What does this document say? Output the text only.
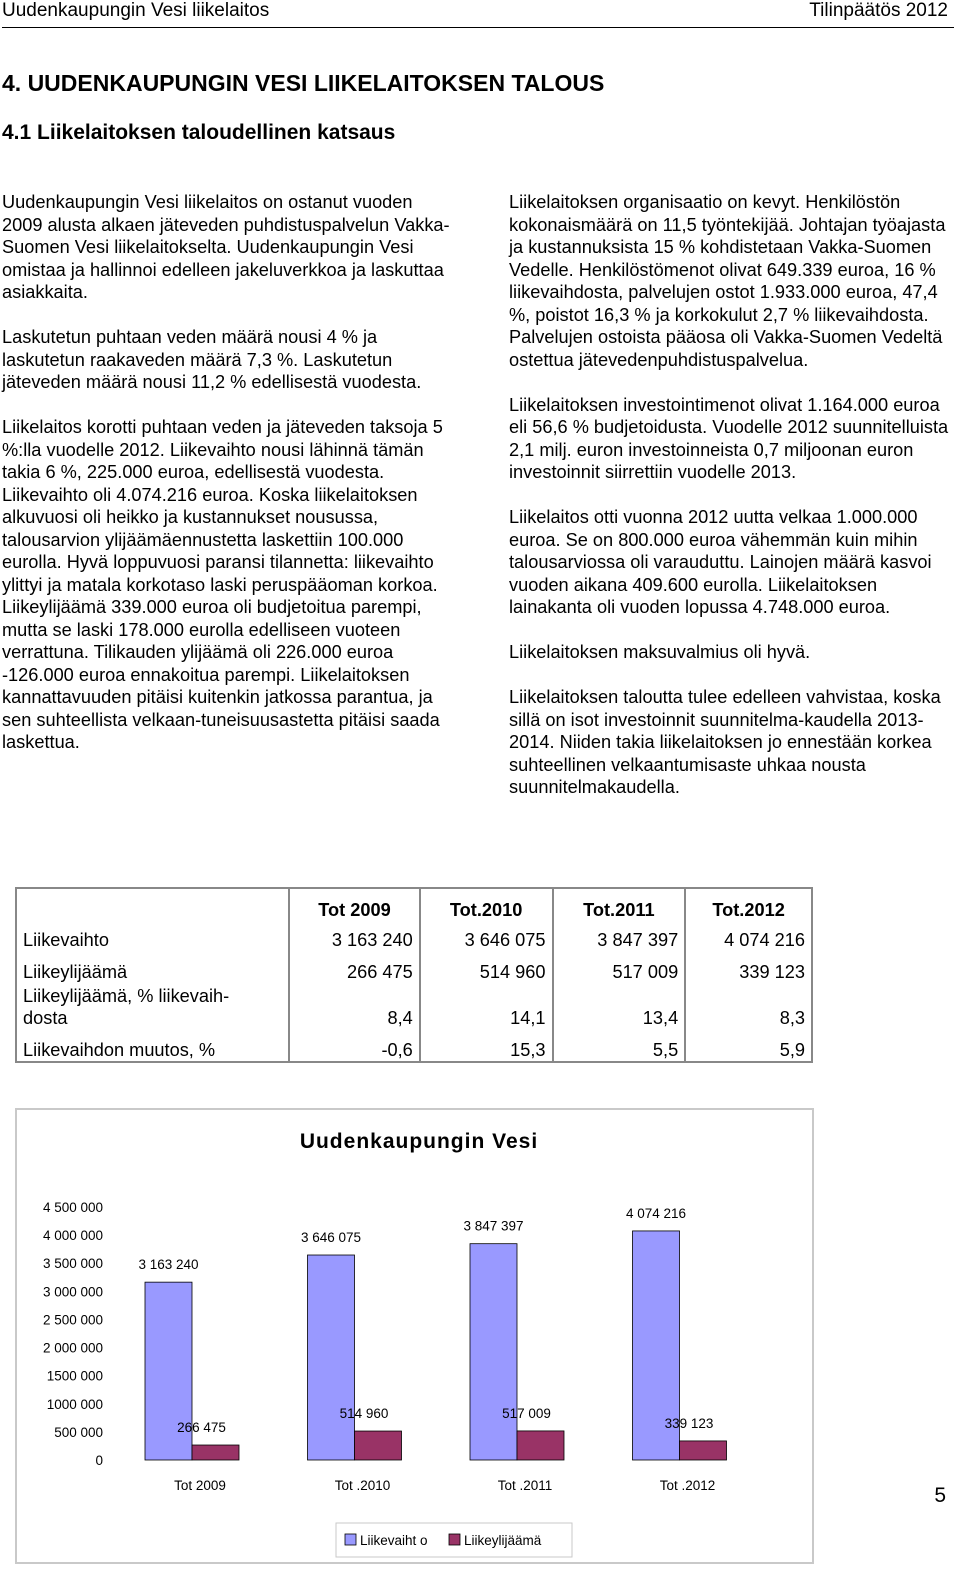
Uudenkaupungin Vesi liikelaitos	Tilinpäätös 2012
4. UUDENKAUPUNGIN VESI LIIKELAITOKSEN TALOUS
4.1 Liikelaitoksen taloudellinen katsaus

Uudenkaupungin Vesi liikelaitos on ostanut vuoden 2009 alusta alkaen jäteveden puhdistuspalvelun Vakka-Suomen Vesi liikelaitokselta. Uudenkaupungin Vesi omistaa ja hallinnoi edelleen jakeluverkkoa ja laskuttaa asiakkaita.

Laskutetun puhtaan veden määrä nousi 4 % ja laskutetun raakaveden määrä 7,3 %. Laskutetun jäteveden määrä nousi 11,2 % edellisestä vuodesta.

Liikelaitos korotti puhtaan veden ja jäteveden taksoja 5 %:lla vuodelle 2012. Liikevaihto nousi lähinnä tämän takia 6 %, 225.000 euroa, edellisestä vuodesta. Liikevaihto oli 4.074.216 euroa. Koska liikelaitoksen alkuvuosi oli heikko ja kustannukset nousussa, talousarvion ylijäämäennustetta laskettiin 100.000 eurolla. Hyvä loppuvuosi paransi tilannetta: liikevaihto ylittyi ja matala korkotaso laski peruspääoman korkoa. Liikeylijäämä 339.000 euroa oli budjetoitua parempi, mutta se laski 178.000 eurolla edelliseen vuoteen verrattuna. Tilikauden ylijäämä oli 226.000 euroa -126.000 euroa ennakoitua parempi. Liikelaitoksen kannattavuuden pitäisi kuitenkin jatkossa parantua, ja sen suhteellista velkaan-tuneisuusastetta pitäisi saada laskettua.

Liikelaitoksen organisaatio on kevyt. Henkilöstön kokonaismäärä on 11,5 työntekijää. Johtajan työajasta ja kustannuksista 15 % kohdistetaan Vakka-Suomen Vedelle. Henkilöstömenot olivat 649.339 euroa, 16 % liikevaihdosta, palvelujen ostot 1.933.000 euroa, 47,4 %, poistot 16,3 % ja korkokulut 2,7 % liikevaihdosta. Palvelujen ostoista pääosa oli Vakka-Suomen Vedeltä ostettua jätevedenpuhdistuspalvelua.

Liikelaitoksen investointimenot olivat 1.164.000 euroa eli 56,6 % budjetoidusta. Vuodelle 2012 suunnitelluista 2,1 milj. euron investoinneista 0,7 miljoonan euron investoinnit siirrettiin vuodelle 2013.

Liikelaitos otti vuonna 2012 uutta velkaa 1.000.000 euroa. Se on 800.000 euroa vähemmän kuin mihin talousarviossa oli varauduttu. Lainojen määrä kasvoi vuoden aikana 409.600 eurolla. Liikelaitoksen lainakanta oli vuoden lopussa 4.748.000 euroa.

Liikelaitoksen maksuvalmius oli hyvä.

Liikelaitoksen taloutta tulee edelleen vahvistaa, koska sillä on isot investoinnit suunnitelma-kaudella 2013-2014. Niiden takia liikelaitoksen jo ennestään korkea suhteellinen velkaantumisaste uhkaa nousta suunnitelmakaudella.

	Tot 2009	Tot.2010	Tot.2011	Tot.2012
Liikevaihto	3 163 240	3 646 075	3 847 397	4 074 216
Liikeylijäämä	266 475	514 960	517 009	339 123
Liikeylijäämä, % liikevaih-dosta	8,4	14,1	13,4	8,3
Liikevaihdon muutos, %	-0,6	15,3	5,5	5,9
Uudenkaupungin Vesi
0
500 000
1000 000
1500 000
2 000 000
2 500 000
3 000 000
3 500 000
4 000 000
4 500 000
3 163 240
266 475
Tot 2009
3 646 075
514 960
Tot .2010
3 847 397
517 009
Tot .2011
4 074 216
339 123
Tot .2012
Liikevaiht o	Liikeylijäämä
5
